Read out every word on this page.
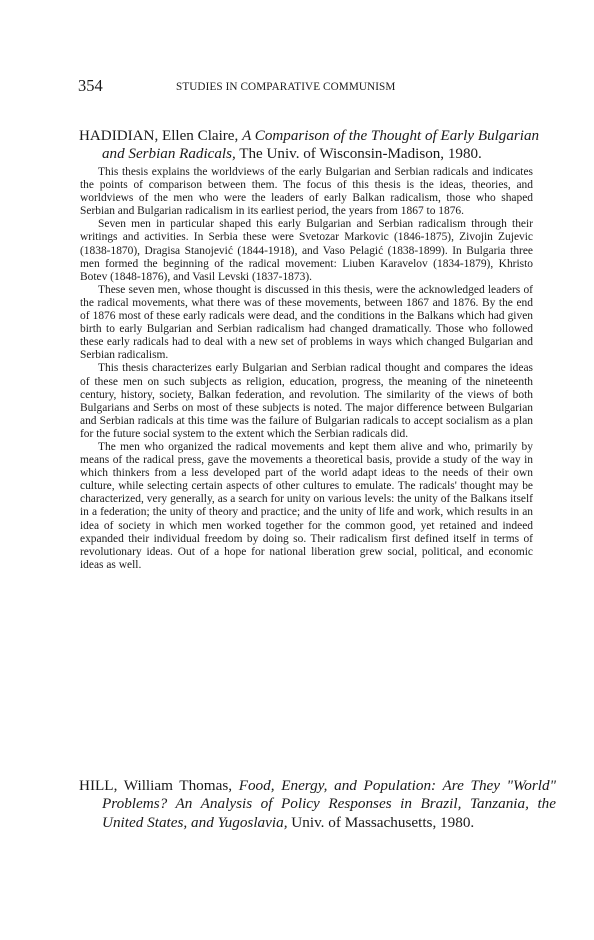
354	STUDIES IN COMPARATIVE COMMUNISM
HADIDIAN, Ellen Claire, A Comparison of the Thought of Early Bulgarian and Serbian Radicals, The Univ. of Wisconsin-Madison, 1980.

This thesis explains the worldviews of the early Bulgarian and Serbian radicals and indicates the points of comparison between them. The focus of this thesis is the ideas, theories, and worldviews of the men who were the leaders of early Balkan radicalism, those who shaped Serbian and Bulgarian radicalism in its earliest period, the years from 1867 to 1876.

Seven men in particular shaped this early Bulgarian and Serbian radicalism through their writings and activities. In Serbia these were Svetozar Markovic (1846-1875), Zivojin Zujevic (1838-1870), Dragisa Stanojević (1844-1918), and Vaso Pelagić (1838-1899). In Bulgaria three men formed the beginning of the radical movement: Liuben Karavelov (1834-1879), Khristo Botev (1848-1876), and Vasil Levski (1837-1873).

These seven men, whose thought is discussed in this thesis, were the acknowledged leaders of the radical movements, what there was of these movements, between 1867 and 1876. By the end of 1876 most of these early radicals were dead, and the conditions in the Balkans which had given birth to early Bulgarian and Serbian radicalism had changed dramatically. Those who followed these early radicals had to deal with a new set of problems in ways which changed Bulgarian and Serbian radicalism.

This thesis characterizes early Bulgarian and Serbian radical thought and compares the ideas of these men on such subjects as religion, education, progress, the meaning of the nineteenth century, history, society, Balkan federation, and revolution. The similarity of the views of both Bulgarians and Serbs on most of these subjects is noted. The major difference between Bulgarian and Serbian radicals at this time was the failure of Bulgarian radicals to accept socialism as a plan for the future social system to the extent which the Serbian radicals did.

The men who organized the radical movements and kept them alive and who, primarily by means of the radical press, gave the movements a theoretical basis, provide a study of the way in which thinkers from a less developed part of the world adapt ideas to the needs of their own culture, while selecting certain aspects of other cultures to emulate. The radicals' thought may be characterized, very generally, as a search for unity on various levels: the unity of the Balkans itself in a federation; the unity of theory and practice; and the unity of life and work, which results in an idea of society in which men worked together for the common good, yet retained and indeed expanded their individual freedom by doing so. Their radicalism first defined itself in terms of revolutionary ideas. Out of a hope for national liberation grew social, political, and economic ideas as well.

HILL, William Thomas, Food, Energy, and Population: Are They "World" Problems? An Analysis of Policy Responses in Brazil, Tanzania, the United States, and Yugoslavia, Univ. of Massachusetts, 1980.
